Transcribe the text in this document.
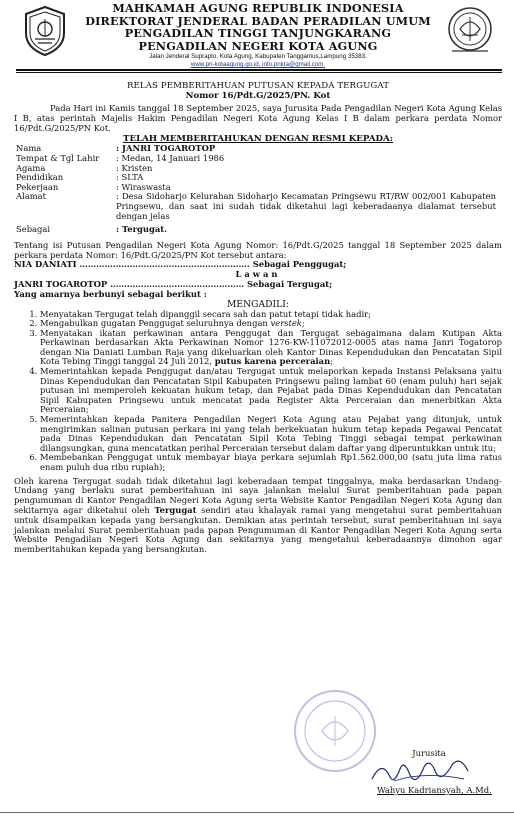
MAHKAMAH AGUNG REPUBLIK INDONESIA
DIREKTORAT JENDERAL BADAN PERADILAN UMUM
PENGADILAN TINGGI TANJUNGKARANG
PENGADILAN NEGERI KOTA AGUNG
Jalan Jenderal Suprapto, Kota Agung, Kabupaten Tanggamus,Lampung 35383.
www.pn-kotaagung.go.id, info.pnkta@gmail.com.
RELAS PEMBERITAHUAN PUTUSAN KEPADA TERGUGAT
Nomor 16/Pdt.G/2025/PN. Kot

Pada Hari ini Kamis tanggal 18 September 2025, saya Jurusita Pada Pengadilan Negeri Kota Agung Kelas I B, atas perintah Majelis Hakim Pengadilan Negeri Kota Agung Kelas I B dalam perkara perdata Nomor 16/Pdt.G/2025/PN Kot.

TELAH MEMBERITAHUKAN DENGAN RESMI KEPADA:
Nama	: JANRI TOGAROTOP
Tempat & Tgl Lahir	: Medan, 14 Januari 1986
Agama	: Kristen
Pendidikan	: SLTA
Pekerjaan	: Wiraswasta
Alamat	: Desa Sidoharjo Kelurahan Sidoharjo Kecamatan Pringsewu RT/RW 002/001 Kabupaten Pringsewu, dan saat ini sudah tidak diketahui lagi keberadaanya dialamat tersebut dengan jelas

Sebagai	: Tergugat.

Tentang isi Putusan Pengadilan Negeri Kota Agung Nomor: 16/Pdt.G/2025 tanggal 18 September 2025 dalam perkara perdata Nomor: 16/Pdt.G/2025/PN Kot tersebut antara:

NIA DANIATI ……………………………………………………. Sebagai Penggugat;
Lawan
JANRI TOGAROTOP ………………………………………… Sebagai Tergugat;
Yang amarnya berbunyi sebagai berikut :
MENGADILI:
1. Menyatakan Tergugat telah dipanggil secara sah dan patut tetapi tidak hadir;
2. Mengabulkan gugatan Penggugat seluruhnya dengan verstek;
3. Menyatakan ikatan perkawinan antara Penggugat dan Tergugat sebagaimana dalam Kutipan Akta Perkawinan berdasarkan Akta Perkawinan Nomor 1276-KW-11072012-0005 atas nama Janri Togatorop dengan Nia Daniati Lumban Raja yang dikeluarkan oleh Kantor Dinas Kependudukan dan Pencatatan Sipil Kota Tebing Tinggi tanggal 24 Juli 2012, putus karena perceraian;
4. Memerintahkan kepada Penggugat dan/atau Tergugat untuk melaporkan kepada Instansi Pelaksana yaitu Dinas Kependudukan dan Pencatatan Sipil Kabupaten Pringsewu paling lambat 60 (enam puluh) hari sejak putusan ini memperoleh kekuatan hukum tetap, dan Pejabat pada Dinas Kependudukan dan Pencatatan Sipil Kabupaten Pringsewu untuk mencatat pada Register Akta Perceraian dan menerbitkan Akta Perceraian;
5. Memerintahkan kepada Panitera Pengadilan Negeri Kota Agung atau Pejabat yang ditunjuk, untuk mengirimkan salinan putusan perkara ini yang telah berkekuatan hukum tetap kepada Pegawai Pencatat pada Dinas Kependudukan dan Pencatatan Sipil Kota Tebing Tinggi sebagai tempat perkawinan dilangsungkan, guna mencatatkan perihal Perceraian tersebut dalam daftar yang diperuntukkan untuk itu;
6. Membebankan Penggugat untuk membayar biaya perkara sejumlah Rp1.562.000,00 (satu juta lima ratus enam puluh dua ribu rupiah);

Oleh karena Tergugat sudah tidak diketahui lagi keberadaan tempat tinggalnya, maka berdasarkan Undang-Undang yang berlaku surat pemberitahuan ini saya jalankan melalui Surat pemberitahuan pada papan pengumuman di Kantor Pengadilan Negeri Kota Agung serta Website Kantor Pengadilan Negeri Kota Agung dan sekitarnya agar diketahui oleh Tergugat sendiri atau khalayak ramai yang mengetahui surat pemberitahuan untuk disampaikan kepada yang bersangkutan. Demikian atas perintah tersebut, surat pemberitahuan ini saya jalankan melalui Surat pemberitahuan pada papan Pengumuman di Kantor Pengadilan Negeri Kota Agung serta Website Pengadilan Negeri Kota Agung dan sekitarnya yang mengetahui keberadaannya dimohon agar memberitahukan kepada yang bersangkutan.

Jurusita
Wahyu Kadriansyah, A.Md.
